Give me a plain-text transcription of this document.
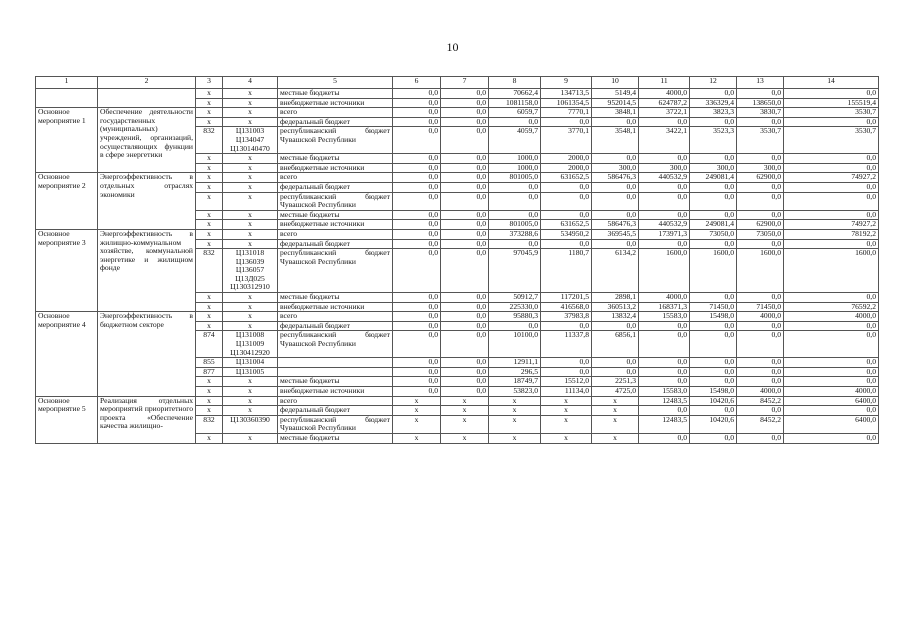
10
1	2	3	4	5	6	7	8	9	10	11	12	13	14
		x	x	местные бюджеты	0,0	0,0	70662,4	134713,5	5149,4	4000,0	0,0	0,0	0,0
		x	x	внебюджетные источники	0,0	0,0	1081158,0	1061354,5	952014,5	624787,2	336329,4	138650,0	155519,4
Основное мероприятие 1	Обеспечение деятельности государственных (муниципальных) учреждений, организаций, осуществляющих функции в сфере энергетики	x	x	всего	0,0	0,0	6059,7	7770,1	3848,1	3722,1	3823,3	3830,7	3530,7
		x	x	федеральный бюджет	0,0	0,0	0,0	0,0	0,0	0,0	0,0	0,0	0,0
		832	Ц131003
Ц134047
Ц130140470	республиканский бюджет Чувашской Республики	0,0	0,0	4059,7	3770,1	3548,1	3422,1	3523,3	3530,7	3530,7
		x	x	местные бюджеты	0,0	0,0	1000,0	2000,0	0,0	0,0	0,0	0,0	0,0
		x	x	внебюджетные источники	0,0	0,0	1000,0	2000,0	300,0	300,0	300,0	300,0	0,0
Основное мероприятие 2	Энергоэффективность в отдельных отраслях экономики	x	x	всего	0,0	0,0	801005,0	631652,5	586476,3	440532,9	249081,4	62900,0	74927,2
		x	x	федеральный бюджет	0,0	0,0	0,0	0,0	0,0	0,0	0,0	0,0	0,0
		x	x	республиканский бюджет Чувашской Республики	0,0	0,0	0,0	0,0	0,0	0,0	0,0	0,0	0,0
		x	x	местные бюджеты	0,0	0,0	0,0	0,0	0,0	0,0	0,0	0,0	0,0
		x	x	внебюджетные источники	0,0	0,0	801005,0	631652,5	586476,3	440532,9	249081,4	62900,0	74927,2
Основное мероприятие 3	Энергоэффективность в жилищно-коммунальном хозяйстве, коммунальной энергетике и жилищном фонде	x	x	всего	0,0	0,0	373288,6	534950,2	369545,5	173971,3	73050,0	73050,0	78192,2
		x	x	федеральный бюджет	0,0	0,0	0,0	0,0	0,0	0,0	0,0	0,0	0,0
		832	Ц131018
Ц136039
Ц136057
Ц13Д025
Ц130312910	республиканский бюджет Чувашской Республики	0,0	0,0	97045,9	1180,7	6134,2	1600,0	1600,0	1600,0	1600,0
		x	x	местные бюджеты	0,0	0,0	50912,7	117201,5	2898,1	4000,0	0,0	0,0	0,0
		x	x	внебюджетные источники	0,0	0,0	225330,0	416568,0	360513,2	168371,3	71450,0	71450,0	76592,2
Основное мероприятие 4	Энергоэффективность в бюджетном секторе	x	x	всего	0,0	0,0	95880,3	37983,8	13832,4	15583,0	15498,0	4000,0	4000,0
		x	x	федеральный бюджет	0,0	0,0	0,0	0,0	0,0	0,0	0,0	0,0	0,0
		874	Ц131008
Ц131009
Ц130412920	республиканский бюджет Чувашской Республики	0,0	0,0	10100,0	11337,8	6856,1	0,0	0,0	0,0	0,0
		855	Ц131004		0,0	0,0	12911,1	0,0	0,0	0,0	0,0	0,0	0,0
		877	Ц131005		0,0	0,0	296,5	0,0	0,0	0,0	0,0	0,0	0,0
		x	x	местные бюджеты	0,0	0,0	18749,7	15512,0	2251,3	0,0	0,0	0,0	0,0
		x	x	внебюджетные источники	0,0	0,0	53823,0	11134,0	4725,0	15583,0	15498,0	4000,0	4000,0
Основное мероприятие 5	Реализация отдельных мероприятий приоритетного проекта «Обеспечение качества жилищно-	x	x	всего	x	x	x	x	x	12483,5	10420,6	8452,2	6400,0
		x	x	федеральный бюджет	x	x	x	x	x	0,0	0,0	0,0	0,0
		832	Ц130360390	республиканский бюджет Чувашской Республики	x	x	x	x	x	12483,5	10420,6	8452,2	6400,0
		x	x	местные бюджеты	x	x	x	x	x	0,0	0,0	0,0	0,0
